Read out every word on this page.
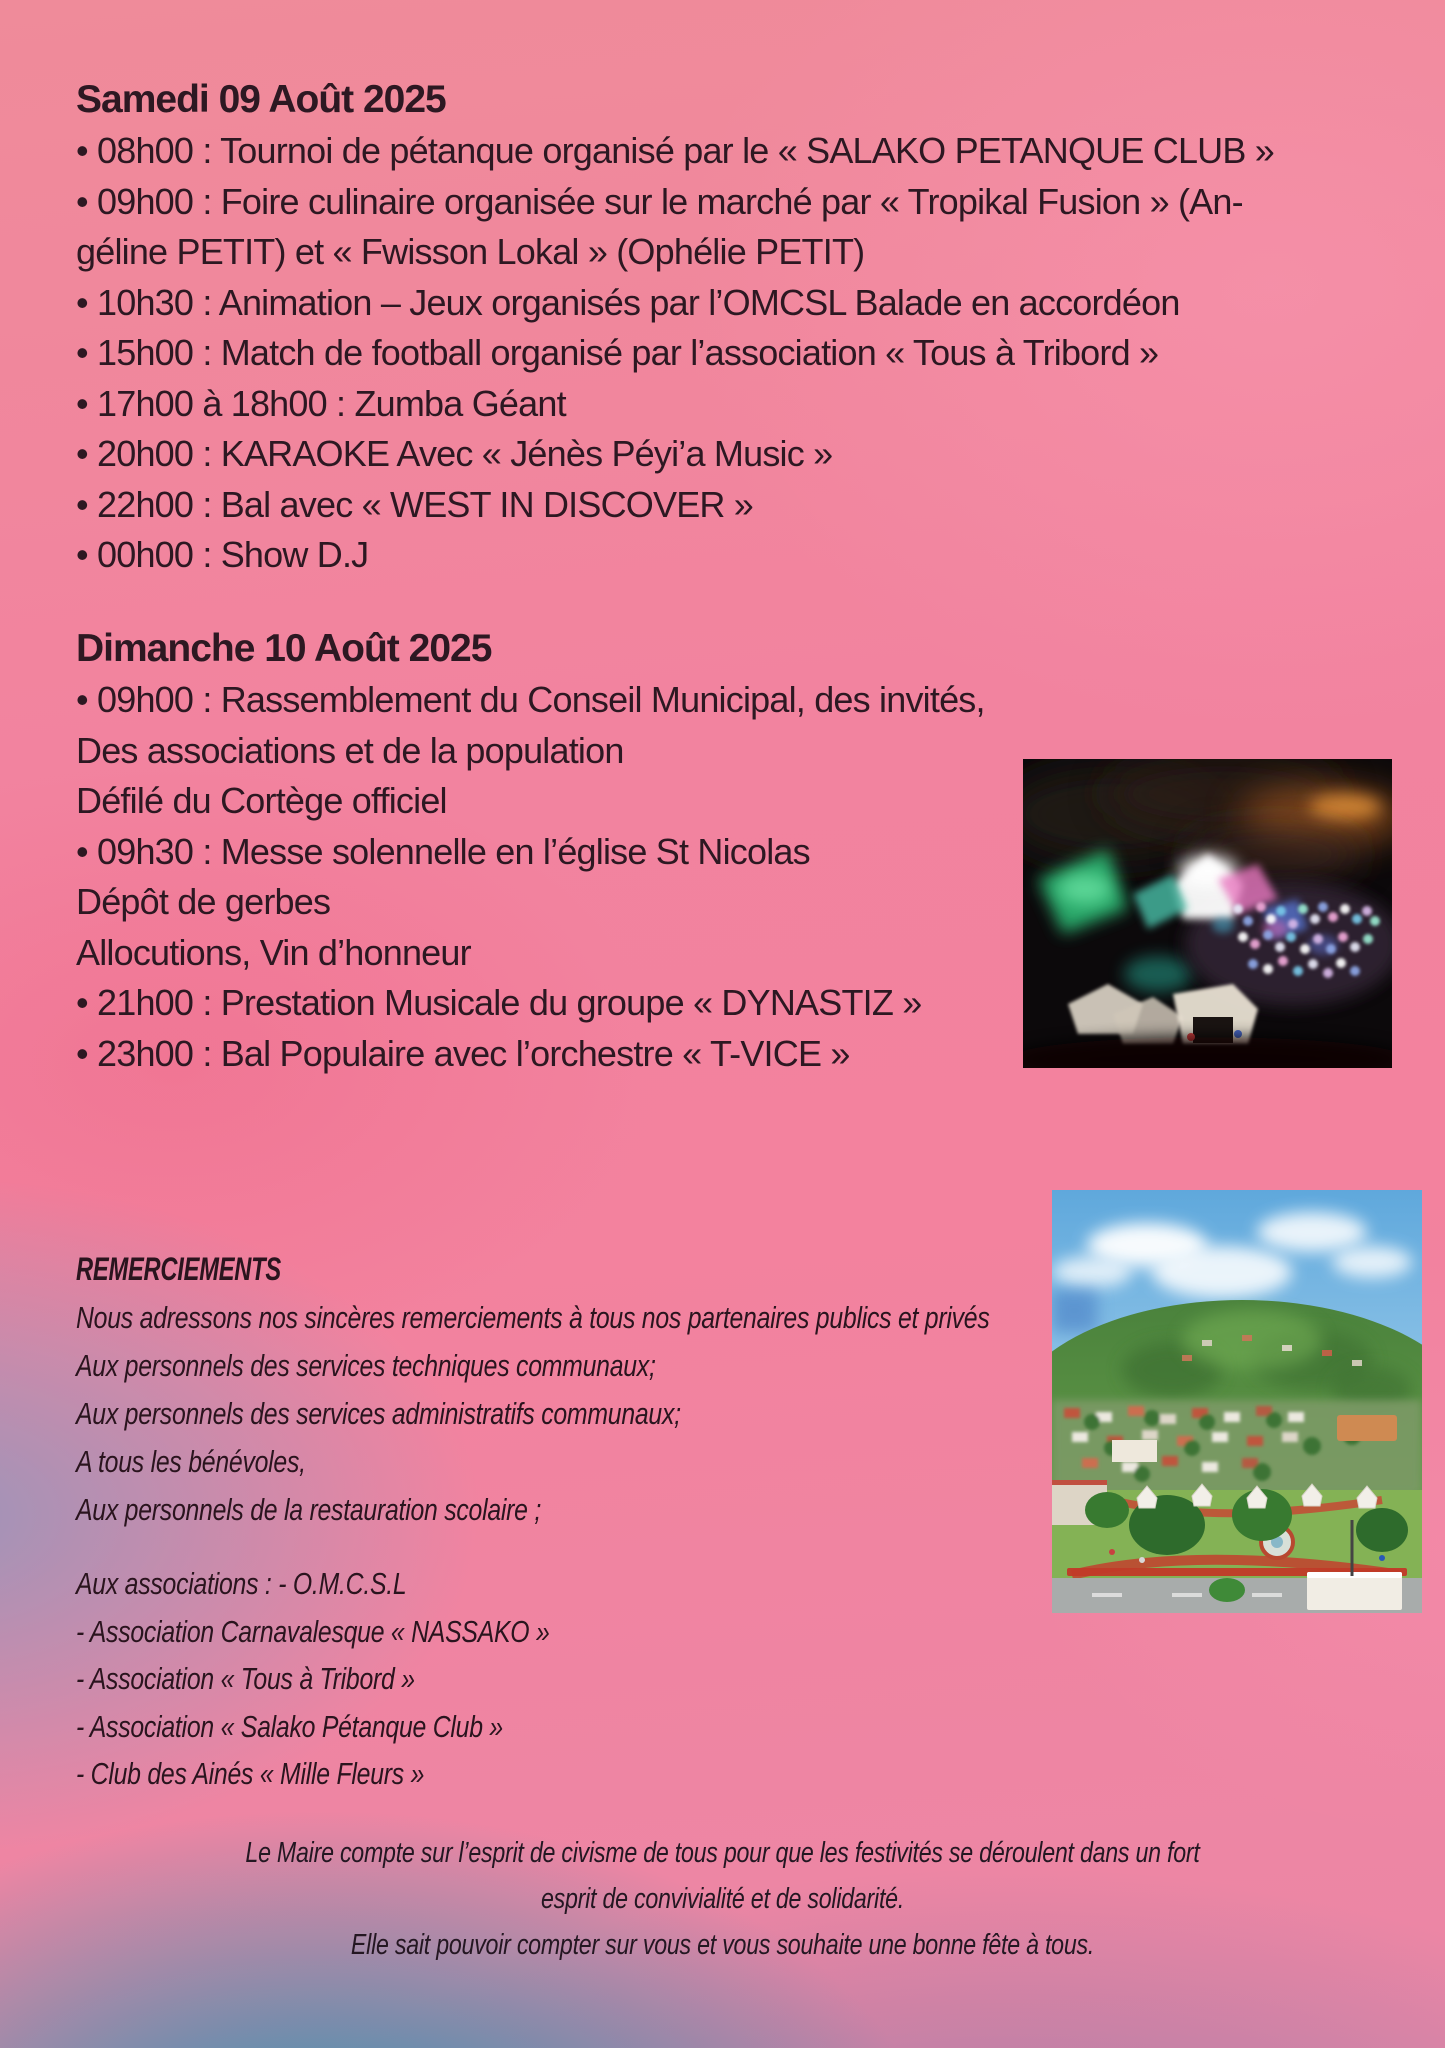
Samedi 09 Août 2025
• 08h00 : Tournoi de pétanque organisé par le « SALAKO PETANQUE CLUB »
• 09h00 : Foire culinaire organisée sur le marché par « Tropikal Fusion » (An-
géline PETIT) et « Fwisson Lokal » (Ophélie PETIT)
• 10h30 : Animation – Jeux organisés par l’OMCSL Balade en accordéon
• 15h00 : Match de football organisé par l’association « Tous à Tribord »
• 17h00 à 18h00 : Zumba Géant
• 20h00 : KARAOKE Avec « Jénès Péyi’a Music »
• 22h00 : Bal avec « WEST IN DISCOVER »
• 00h00 : Show D.J
Dimanche 10 Août 2025
• 09h00 : Rassemblement du Conseil Municipal, des invités,
Des associations et de la population
Défilé du Cortège officiel
• 09h30 : Messe solennelle en l’église St Nicolas
Dépôt de gerbes
Allocutions, Vin d’honneur
• 21h00 : Prestation Musicale du groupe « DYNASTIZ »
• 23h00 : Bal Populaire avec l’orchestre « T-VICE »
REMERCIEMENTS
Nous adressons nos sincères remerciements à tous nos partenaires publics et privés
Aux personnels des services techniques communaux;
Aux personnels des services administratifs communaux;
A tous les bénévoles,
Aux personnels de la restauration scolaire ;
Aux associations : - O.M.C.S.L
- Association Carnavalesque « NASSAKO »
- Association « Tous à Tribord »
- Association « Salako Pétanque Club »
- Club des Ainés « Mille Fleurs »
Le Maire compte sur l’esprit de civisme de tous pour que les festivités se déroulent dans un fort
esprit de convivialité et de solidarité.
Elle sait pouvoir compter sur vous et vous souhaite une bonne fête à tous.
